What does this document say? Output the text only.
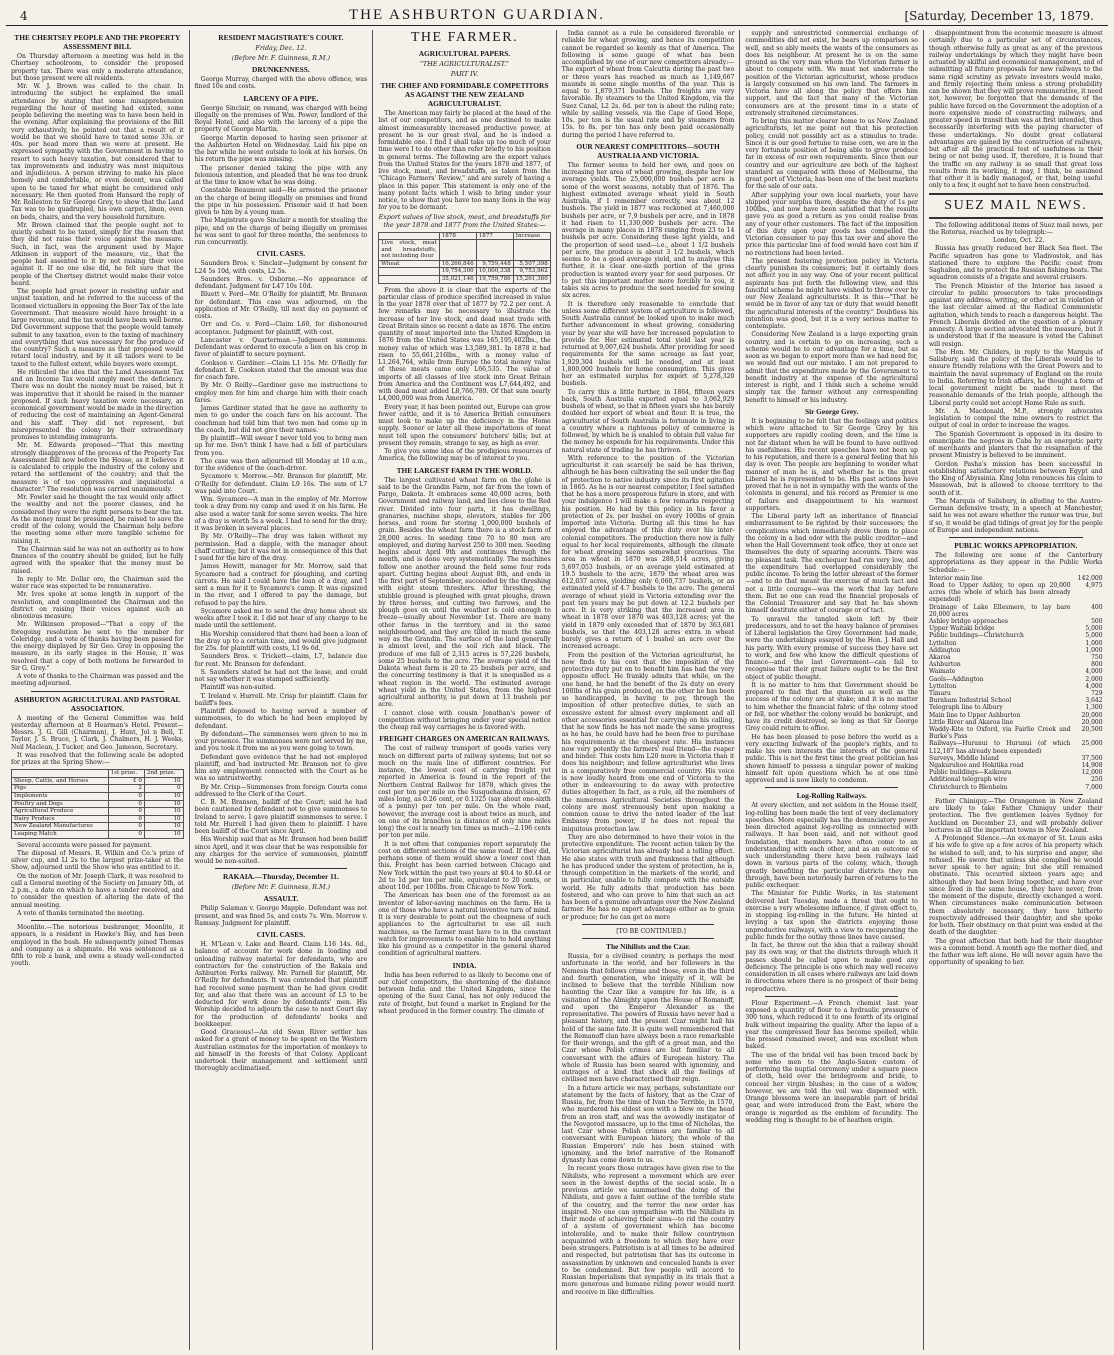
4	THE ASHBURTON GUARDIAN.	[Saturday, December 13, 1879.
THE CHERTSEY PEOPLE AND THE PROPERTY ASSESSMENT BILL

On Thursday afternoon a meeting was held in the Chertsey schoolroom, to consider the proposed property tax. There was only a moderate attendance, but those present were all residents.

Mr. W. J. Brown was called to the chair. In introducing the subject he explained the small attendance by stating that some misapprehension regarding the hour of meeting had existed, some people believing the meeting was to have been held in the evening. After explaining the provisions of the Bill very exhaustively, he pointed out that a result of it would be that we should have to taxed some 33s. or 40s. per head more than we were at present. He expressed sympathy with the Government in having to resort to such heavy taxation, but considered that to tax improvements and industry was most iniquitous and injudicious. A person striving to make his place homely and comfortable, or even decent, was called upon to be taxed for what might be considered only necessary. He then quoted from Hansard the reply of Mr. Rolleston to Sir George Grey, to show that the Land Tax was to be quadrupled, his own carpet, linen, even on beds, chairs, and the very household furniture.

Mr. Brown claimed that the people ought not to quietly submit to be taxed, simply for the reason that they did not raise their voice against the measure. Such, in fact, was the argument used by Major Atkinson in support of the measure, viz., that the people had assented to it by not raising their voice against it. If no one else did, he felt sure that the people of the Chertsey district would make their voice heard.

The people had great power in resisting unfair and unjust taxation, and he referred to the success of the licensed victuallers in opposing the Beer Tax of the late Government. That measure would have brought in a large revenue, and the tax would have been well borne. Did Government suppose that the people would tamely submit to any taxation, even to the taxing of machinery and everything that was necessary for the produce of the country? Such a measure as that proposed would retard local industry, and by it all tailors were to be taxed to the fullest extent, while buyers were exempt.

He ridiculed the idea that the Land Assessment Tax and an Income Tax would amply meet the deficiency. There was no doubt the money must be raised, but it was imperative that it should be raised in the manner proposed. If such heavy taxation were necessary, an economical government would be made in the direction of reducing the cost of maintaining an Agent-General and his staff. They did not represent, but misrepresented the colony by their extraordinary promises to intending immigrants.

Mr. M. Edwards proposed—"That this meeting strongly disapproves of the process of the Property Tax Assessment Bill now before the House, as it believes it is calculated to cripple the industry of the colony and retard the settlement of the country; and that the measure is of too oppressive and inquisitorial a character." The resolution was carried unanimously.

Mr. Fowler said he thought the tax would only affect the wealthy and not the poorer classes, and he considered they were the right persons to bear the tax. As the money must be presumed, be raised to save the credit of the colony, would the Chairman help before the meeting some other more tangible scheme for raising it.

The Chairman said he was not an authority as to how finances of the country should be guided, but he fully agreed with the speaker that the money must be raised.

In reply to Mr. Dollar ore, the Chairman said the water race was expected to be remunerative.

Mr. Ives spoke at some length in support of the resolution, and complimented the Chairman and the district on raising their voices against such an obnoxious measure.

Mr. Wilkinson proposed—"That a copy of the foregoing resolution be sent to the member for Coleridge, and a vote of thanks having been passed for the energy displayed by Sir Geo. Grey in opposing the measure, in its early stages in the House, it was resolved that a copy of both motions be forwarded to Sir G. Grey."

A vote of thanks to the Chairman was passed and the meeting adjourned.

ASHBURTON AGRICULTURAL AND PASTORAL ASSOCIATION.

A meeting of the General Committee was held yesterday afternoon at 8 Hearman's Hotel. Present—Messrs. J. G. Gill (Chairman), J. Hunt, Jol n Bell, T. Taylor, J. S. Bruce, J. Clark, J. Chalmers, H. J. Weeks, Neil Maclean, J. Tucker, and Geo. Jameson, Secretary.

It was resolved that the following scale be adopted for prizes at the Spring Show:—

	1st prize.	2nd prize.
Sheep, Cattle, and Horses	£ 0	10
Pigs	2	0
Implements	0	10
Poultry and Dogs	0	10
Agricultural Produce	0	10
Dairy Produce	0	10
New Zealand Manufactures	0	10
Leaping Match	0	10

Several accounts were passed for payment.

The disposal of Messrs. R. Wilkin and Co.'s prize of silver cup, and Ll 2s to the largest prize-taker at the Show, adjourned until the Show who was entitled to it.

On the motion of Mr. Joseph Clark, it was resolved to call a General meeting of the Society on January 5th, at 2 p.m., a date on which to have a tender received, and to consider the question of altering the date of the annual meeting.

A vote of thanks terminated the meeting.

Moonlite.—The notorious bushranger, Moonlite, it appears, is a resident in Hawke's Bay, and has been employed in the bush. He subsequently joined Thomas and company as a shipmate. He was sentenced as a fifth to rob a bank, and owns a steady well-conducted youth.

RESIDENT MAGISTRATE'S COURT.
Friday, Dec. 12.
(Before Mr. F. Guinness, R.M.)
DRUNKENNESS.

George Murray, charged with the above offence, was fined 10s and costs.

LARCENY OF A PIPE.

George Sinclair, on remand, was charged with being illegally on the premises of Wm. Power, landlord of the Royal Hotel, and also with the larceny of a pipe the property of George Martin.

George Martin deposed to having seen prisoner at the Ashburton Hotel on Wednesday. Laid his pipe on the bar while he went outside to look at his horses. On his return the pipe was missing.

The prisoner denied taking the pipe with any felonious intention, and pleaded that he was too drunk at the time to know what he was doing.

Constable Beaumont said—He arrested the prisoner on the charge of being illegally on premises and found the pipe in his possession. Prisoner said it had been given to him by a young man.

The Magistrate gave Sinclair a month for stealing the pipe, and on the charge of being illegally on premises he was sent to gaol for three months, the sentences to run concurrently.

CIVIL CASES.

Saunders Bros. v. Sinclair—Judgment by consent for L24 5s 10d, with costs, L2 5s.

Saunders Bros. v. Osborne.—No appearance of defendant. Judgment for L47 10s 10d.

Bluett v. Ford—Mr. O'Reilly for plaintiff, Mr. Branson for defendant. This case was adjourned, on the application of Mr. O'Reilly, till next day on payment of costs.

Orr and Co. v. Ford—Claim L60, for dishonoured acceptance. Judgment for plaintiff, with cost.

Lancaster v. Quarterman.—Judgment summons. Defendant was ordered to execute a lien on his crop in favor of plaintiff to secure payment.

Cookson v. Gardiner.—Claim L1 15s. Mr. O'Reilly for defendant. E. Cookson stated that the amount was due for coach fare.

By Mr. O Reilly—Gardiner gave me instructions to employ men for him and charge him with their coach fares.

James Gardiner stated that he gave no authority to men to go under the coach fare on his account. The coachman had told him that two men had come up in the coach, but did not give their names.

By plaintiff—Will swear I never told you to bring men up for me. Don't think I have had a bill of particulars from you.

The case was then adjourned till Monday at 10 a.m., for the evidence of the coach-driver.

Sycamore v. Morrow.—Mr. Branson for plaintiff, Mr. O'Reilly for defendant. Claim L9 16s. The sum of L7 was paid into Court.

Wm. Sycamore—A man in the employ of Mr. Morrow took a dray from my camp and used it on his farm. He also used a water tank for some seven weeks. The hire of a dray is worth 5s a week. I had to send for the dray; it was broken in several places.

By Mr. O'Reilly—The dray was taken without my permission. Had a dapple, with the manager about chaff cutting; but it was not in consequence of this that I sued for the hire of the dray.

James Hewitt, manager for Mr. Morrow, said that Sycamore had a contract for ploughing, and carting carrots. He said I could have the loan of a dray, and I sent a man for it to Sycamore's camp. It was capsized in the river, and I offered to pay the damage, but refused to pay the hire.

Sycamore asked me to send the dray home about six weeks after I took it. I did not hear of any charge to be made until the settlement.

His Worship considered that there had been a loan of the dray up to a certain time, and would give judgment for 25s. for plaintiff with costs, L1 9s 6d.

Saunders Bros. v. Trickett—claim, L7, balance due for rent. Mr. Branson for defendant.

S. Saunders stated he had not the lease, and could not say whether it was stamped sufficiently.

Plaintiff was non-suited.

T. Ireland v. Hurrell. Mr. Crisp for plaintiff. Claim for bailiff's fees.

Plaintiff deposed to having served a number of summonses, to do which he had been employed by defendant.

By defendant—The summonses were given to me in your presence. The summonses were not served by me, and you took it from me as you were going to town.

Defendant gave evidence that he had not employed plaintiff, and had instructed Mr. Branson not to give him any employment connected with the Court as he was so untrustworthy.

By Mr. Crisp—Summonses from foreign Courts come addressed to the Clerk of the Court.

C. B. M. Branson, bailiff of the Court; said he had been cautioned by defendant not to give summonses to Ireland to serve. I gave plaintiff summonses to serve. I told Mr. Hurrell I had given them to plaintiff. I have been bailiff of the Court since April.

His Worship said that as Mr. Branson had been bailiff since April, and it was clear that he was responsible for any charges for the service of summonses, plaintiff would be non-suited.

RAKAIA.—Thursday, December 11.
(Before Mr. F. Guinness, R.M.)
ASSAULT.

Philip Salaman v. George Mapple. Defendant was not present, and was fined 5s, and costs 7s. Wm. Morrow v. Ramsay. Judgment for plaintiff.

CIVIL CASES.

H. M'Lean v. Lake and Beard. Claim L16 14s. 6d., balance of account for work done in loading and unloading railway material for defendants, who are contractors for the construction of the Rakaia and Ashburton Forks railway. Mr. Parnell for plaintiff, Mr. O'Reilly for defendants. It was contended that plaintiff had received some payment than he had given credit for, and also that there was an account of L5 to be deducted for work done by defendants' men. His Worship decided to adjourn the case to next Court day for the production of defendants' books and bookkeeper.

Good Graceous!—An old Swan River settler has asked for a grant of money to be spent on the Western Australian estimates for the importation of monkeys to aid himself in the forests of that Colony. Applicant undertook their management and settlement until thoroughly acclimatised.

THE FARMER.
AGRICULTURAL PAPERS.
"THE AGRICULTURALIST."
PART IV.
THE CHIEF AND FORMIDABLE COMPETITORS AS AGAINST THE NEW ZEALAND AGRICULTURALIST.

The American may fairly be placed at the head of the list of our competitors, and as one destined to make almost immeasurably increased productive power, at present he is our great rival, and he is indeed a formidable one. I find I shall take up too much of your time were I to do other than refer briefly to his position in general terms. The following are the export values from the United States for the years 1878 and 1877, of live stock, meat, and breadstuffs, as taken from the "Chicago Farmers' Review," and are surely of having a place in this paper. This statement is only one of the many potent facts which I wish to bring under your notice, to show that you have too many lions in the way for you to be dormant.

Export values of live stock, meat, and breadstuffs for the year 1878 and 1877 from the United States:—
	1878	1877	Increase
Live stock, meat and breadstuffs, not including flour			
Wheat	16,266,846	9,759,448	5,507,398
	19,754,300	10,000,338	9,753,962
	35,021,146	19,759,786	15,261,360

From the above it is clear that the exports of the particular class of produce specified increased in value in the year 1878 over that of 1877 by 72.2 per cent. A few remarks may be necessary to illustrate the increase of her live stock, and dead meat trade with Great Britain since so recent a date as 1876. The entire quantity of meat imported into the United Kingdom in 1876 from the United States was 165,195,402lbs., the money value of which was L3,589,381. In 1878 it had risen to 55,661,216lbs., with a money value of L1,264,764, while from Europe the total money value of these meats came only L66,535. The value of imports of all classes of live stock into Great Britain from America and the Continent was L7,644,492, and with dead meat added L8,766,789. Of that sum nearly L4,000,000 was from America.

Every year, it has been pointed out, Europe can grow fewer cattle, and it is to America British consumers must look to make up the deficiency in the Home supply. Sooner or later all these importations of meat must tell upon the consumers' butchers' bills; but at present they remain, strange to say, as high as ever.

To give you some idea of the prodigious resources of America, the following may be of interest to you.

THE LARGEST FARM IN THE WORLD.

The largest cultivated wheat farm on the globe is said to be the Grandin Farm, not far from the town of Fargo, Dakota. It embraces some 40,000 acres, both Government and railway land, and lies close to the Red river. Divided into four parts, it has dwellings, granaries, machine shops, elevators, stables for 200 horses, and room for storing 1,000,000 bushels of grain. Besides the wheat farm there is a stock farm of 28,000 acres. In seeding time 70 to 80 men are employed, and during harvest 250 to 300 men. Seeding begins about April 9th and continues through the month, and is done very systematically. The machines follow one another around the field some four rods apart. Cutting begins about August 8th, and ends in the first part of September, succeeded by the threshing with eight steam threshers. After threshing, the stubble ground is ploughed with great ploughs, drawn by three horses, and cutting two furrows, and the plough goes on until the weather is cold enough to freeze—usually about November 1st. There are many other farms in the territory, and in the same neighbourhood, and they are tilled in much the same way as the Grandin. The surface of the land generally is almost level, and the soil rich and black. The produce of one fall of 2,315 acres is 57,226 bushels, some 25 bushels to the acre. The average yield of the Dakota wheat farm is 20 to 25 bushels per acre, and the concurring testimony is that it is unequalled as a wheat region in the world. The estimated average wheat yield in the United States, from the highest agricultural authority, is put down at 13 bushels per acre.

I cannot close with cousin Jonathan's power of competition without bringing under your special notice the cheap rail way carriages he is favored with.

FREIGHT CHARGES ON AMERICAN RAILWAYS.

The cost of railway transport of goods varies very much on different parts of railway systems; but not so much on the main line of different countries. For instance, the lowest cost of carrying freight yet reported in America is found in the report of the Northern Central Railway for 1878, which gives the cost per ton per mile on the Susquehanna division, 67 miles long, as 0.26 cent, or 0.1325 (say about one-sixth of a penny) per ton per mile. On the whole road, however, the average cost is about twice as much, and on one of its branches (a distance of only nine miles long) the cost is nearly ten times as much—2.196 cents per ton per mile.

It is not often that companies report separately the cost on different sections of the same road. If they did, perhaps some of them would show a lower cost than this. Freight has been carried between Chicago and New York within the past two years at $0.4 to $0.44 or 2d to 1d per ton per mile, equivalent to 20 cents, or about 10d. per 100lbs. from Chicago to New York.

The American has been one of the foremost as an inventor of labor-saving machines on the farm. He is one of those who have a natural inventive turn of mind. It is very desirable to point out the cheapness of such appliances to the agriculturist to use all such machines, as the farmer must have to in the constant watch for improvements to enable him to hold anything like his ground as a competitor in the general shared condition of agricultural matters.

INDIA.

India has been referred to as likely to become one of our chief competitors, the shortening of the distance between India and the United Kingdom, since the opening of the Suez Canal, has not only reduced the rate of freight, but found a market in England for the wheat produced in the former country. The climate of

India cannot as a rule be considered favorable or reliable for wheat growing, and hence its competition cannot be regarded so keenly as that of America. The following is some gauge of what has been accomplished by one of our new competitors already:—The export of wheat from Calcutta during the past two or three years has reached as much as 1,149,667 maunds in some single months of the year. This is equal to 1,879,371 bushels. The freights are very favorable. By steamers to the United Kingdom, via the Suez Canal, L2 2s. 6d. per ton is about the ruling rate; while by sailing vessels, via the Cape of Good Hope, 10s. per ton is the usual rate and by steamers from 15s. to 8s. per ton has only been paid occasionally during the period I have referred to.

OUR NEAREST COMPETITORS—SOUTH AUSTRALIA AND VICTORIA.

The former seems to hold her own, and goes on increasing her area of wheat growing, despite her low average yields. The 25,000,000 bushels per acre is some of the worst seasons, notably that of 1876. The highest estimated average wheat yield in South Australia, if I remember correctly, was about 12 bushels. The yield in 1877 was reckoned at 7,460,000 bushels per acre, or 7,9 bushels per acre, and in 1878 it had risen to 11,330,000 bushels per acre. The average in many places in 1878 ranging from 23 to 14 bushels per acre. Considering these light yields, and the proportion of seed used—i.e., about 1 1/2 bushels per acre, the produce is about 3 1/2 bushels, which seems to be a good average yield, and to analyse this further, it is clear one-sixth portion of the gross production is wanted every year for seed purposes. Or to put this important matter more forcibly to you, it takes six acres to produce the seed needed for sowing six acres.

It is therefore only reasonable to conclude that unless some different system of agriculture is followed, South Australia cannot be looked upon to make much further advancement in wheat growing, considering year by year she will have her increased population to provide for. Her estimated total yield last year is returned at 9,007,624 bushels. After providing for seed requirements for the same acreage as last year, 1,929,304 bushels will be needed, and at least 1,800,000 bushels for home consumption. This gives her an estimated surplus for export of 5,278,320 bushels.

To carry this a little further, in 1864, fifteen years back, South Australia exported equal to 3,062,929 bushels of wheat, so that in fifteen years she has barely doubled her export of wheat and flour. It is true, the agriculturist of South Australia is fortunate in living in a country where a righteous policy of commerce is followed, by which he is enabled to obtain full value for the money he expends for his requirements. Under this natural state of trading he has thriven.

With reference to the position of the Victorian agriculturist it can scarcely be said he has thriven, although he has been cultivating the soil under the flag of protection to native industry since its first agitation in 1865. As he is our nearest competitor, I feel satisfied that he has a more prosperous future in store, and with your indulgence I will make a few remarks respecting his position. He had by this policy in his favor a protection of 2s. per bushel on every 100lbs of grain imported into Victoria. During all this time he has enjoyed the advantage of this duty over his inter-colonial competitors. The production there now is fully equal to her local requirements, although the climate for wheat growing seems somewhat precarious. The area in wheat in 1870 was 288,514 acres, giving 5,697,053 bushels, or an average yield estimated at 19.5 bushels to the acre, 1879 the wheat area was 612,037 acres, yielding only 6,060,737 bushels, or an estimated yield of 4.7 bushels to the acre. The general average of wheat yield in Victoria extending over the past ten years may be put down at 12.2 bushels per acre. It is very striking that the increased area in wheat in 1878 over 1870 was 403,128 acres; yet the yield in 1879 only exceeded that of 1870 by 363,681 bushels, so that the 403,128 acres extra in wheat barely gives a return of 1 bushel an acre over the increased acreage.

From the position of the Victorian agriculturist, he now finds to his cost that the imposition of the protective duty put on to benefit him has had the very opposite effect. He frankly admits that while, on the one hand, he had the benefit of the 2s duty on every 100lbs of his grain produced, on the other he has been so handicapped, in having to pay, through the imposition of other protective duties, to such an excessive extent for almost every implement and all other accessories essential for carrying on his calling, that he now finds he has not made the same progress as he has, he could have had he been free to purchase his requirements at the cheapest rate. His instances now very potently the farmers' real friend—the reaper and binder. This costs him L20 more in Victoria than it does his neighbour; and fellow agriculturist who lives in a comparatively free commercial country. His voice is now loudly heard from one end of Victoria to the other in endeavouring to do away with protective duties altogether. In fact, as a rule, all the members of the numerous Agricultural Societies throughout the colony are most strenuously bent upon making a common cause to drive the noted leader of the last Embassy from power, if he does not repeal the iniquitous protection law.

They are also determined to have their voice in the protective expenditure. The recent action taken by the Victorian agriculturist has already had a telling effect. He also states with truth and frankness that although he has produced under the system of protection, he is, through competition in the markets of the world, and in particular, unable to fully compete with the outside world. He fully admits that production has been fostered, and who can prove to him that such an act has been of a genuine advantage over the New Zealand farmer. He has no export advantage either as to grain or produce; for he can get no more

[TO BE CONTINUED.]

The Nihilists and the Czar.

Russia, for a civilised country, is perhaps the most unfortunate in the world, and her followers in the Nemesis that follows crime and those, even in the third and fourth generation, who iniquity of it, will be inclined to believe that the terrible Nihilism now haunting the Czar like a vampire for his life, is a visitation of the Almighty upon the House of Romanoff, and upon the Emperor Alexander as the representative. The powers of Russia have never had a pleasant history, and the present Czar might hail his hold of the same fate. It is quite well remembered that the Romanoff clan have always been a race remarkable for their wrongs, and the gift of a great man, and the Czar whose Polish crimes are but familiar to all conversant with the affairs of European history. The whole of Russia has been seared with ignominy, and outrages of a kind that shock all the feelings of civilised men have characterised their reign.

In a future article we may, perhaps, substantiate our statement by the facts of history, that as the Czar of Russia, for, from the time of Ivan the Terrible, in 1570, who murdered his eldest son with a blow on the head from an iron staff, and was the avowedly instigator of the Novgorod massacre, up to the time of Nicholas, the last Czar whose Polish crimes are familiar to all conversant with European history, the whole of the Russian Emperors' rule has been stained with ignominy, and the brief narrative of the Romanoff dynasty has come down to us.

In recent years those outrages have given rise to the Nihilists, who represent a movement which are ever seen in the lowest depths of the social scale. In a previous article we summarised the doing of the Nihilists, and gave a faint outline of the terrible state of the country, and the terror the new order has inspired. No one can sympathise with the Nihilists in their mode of achieving their aims—to rid the country of a system of government which has become intolerable, and to make their fellow countrymen acquainted with a freedom to which they have ever been strangers. Patriotism is at all times to be admired and respected, but patriotism that has its outcome in assassination by unknown and concealed hands is ever to be condemned. But few people will accord to Russian Imperialism that sympathy in its trials that a more generous and humane ruling power would merit and receive in like difficulties.

supply and unrestricted commercial exchange of commodities did not exist, he bears up comparison so well, and so ably meets the wants of the consumers as does his neighbour. At present he is on the same ground as the very man whom the Victorian farmer is about to compete with. We must not underrate the position of the Victorian agriculturist, whose produce is largely consumed on his own land. The farmers in Victoria have all along the policy that offers him support, and the fact that many of the Victorian consumers are at the present time in a state of extremely straitened circumstances.

To bring this matter clearer home to us New Zealand agriculturists, let me point out that his protection policy, could not possibly act as a stimulus to trade. Since it is our good fortune to raise corn, we are in the very fortunate position of being able to grow produce far in excess of our own requirements. Since then our country and our agriculture are both of the highest standard as compared with those of Melbourne, the great port of Victoria, has been one of the best markets for the sale of our oats.

After supplying your own local markets, your have shipped your surplus there, despite the duty of 1s per 100lbs., and now have been satisfied that the results gave you as good a return as you could realise from any of your other customers. The fact of the imposition of this duty upon your goods has compelled the Victorian consumer to pay this tax over and above the price this particular line of food would have cost him if no restrictions had been levied.

The present fostering protection policy in Victoria clearly punishes its consumers; but it certainly does not affect you in any way. One of your recent political aspirants has put forth the following view, and this fanciful scheme he might have wished to throw over by our New Zealand agriculturists. It is this—"That he would be in favor of any tax or duty that would benefit the agricultural interests of the country." Doubtless his intention was good, but it is a very serious matter to contemplate.

Considering New Zealand is a large exporting grain country, and is certain to go on increasing, such a scheme would be to our advantage for a time, but as soon as we began to export more than we had need for, we would find out our mistake. I am not prepared to admit that the expenditure made by the Government to benefit industry at the expense of the agricultural interest is right, and I think such a scheme would simply tax the farmer without any corresponding benefit to himself or his industry.

Sir George Grey.

It is beginning to be felt that the feelings and politics which were attached to Sir George Grey by his supporters are rapidly cooling down, and the time is not far distant when he will be found to have outlived his usefulness. His recent speeches have not been up to his reputation, and there is a general feeling that his day is over. The people are beginning to wonder what manner of man he is, and whether he is the great Liberal he is represented to be. His past actions have proved that he is not in sympathy with the wants of the colonists in general, and his record as Premier is one of failure and disappointment to his warmest supporters.

The Liberal party left an inheritance of financial embarrassment to be righted by their successors; the complications which immediately drove them to place the colony in a bad odor with the public creditor—and when the Hall Government took office, they at once set themselves the duty of squaring accounts. There was no pleasant task. The exchequer had run very low, and the expenditure had overlapped considerably the public income. To bring the latter abreast of the former—and to do that meant the exercise of much tact and not a little courage—was the work that lay before them. But no one can read the financial proposals of the Colonial Treasurer and say that he has shown himself destitute either of courage or of tact.

To unravel the tangled skein left by their predecessors, and to set the heavy balance of promises of Liberal legislation the Grey Government had made, were the undertakings essayed by the Hon. J. Hall and his party. With every promise of success they have set to work, and few who know the difficult questions of finance—and the last Government—can fail to recognise that their great failure ought to be the first object of public thought.

It is no matter to him that Government should be prepared to find that the question as well as the success of the colony are at stake; and it is no matter to him whether the financial fabric of the colony stood or fell, nor whether the colony would be bankrupt, and have its credit destroyed, so long as that Sir George Grey could return to office.

He has been pleased to pose before the world as a very exacting bulwark of the people's rights, and to make his own interests the interests of the general public. This is not the first time the great politician has shown himself to possess a singular power of making himself felt upon questions which he at one time approved and is now likely to condemn.

Log-Rolling Railways.

At every election, and not seldom in the House itself, log-rolling has been made the text of very declamatory speeches. More especially has the denunciatory power been directed against log-rolling as connected with railways. It has been said, and not without good foundation, that members have often come to an understanding with each other, and as an outcome of such understanding there have been railways laid down in various parts of the colony, which, though greatly benefiting the particular districts they run through, have been notoriously barren of returns to the public exchequer.

The Minister for Public Works, in his statement delivered last Tuesday, made a threat that ought to exercise a very wholesome influence, if given effect to, in stopping log-rolling in the future. He hinted at levying a tax upon the districts enjoying those unproductive railways, with a view to recuperating the public funds for the outlay those lines have caused.

In fact, he threw out the idea that a railway should pay its own way, or that the districts through which it passes should be called upon to make good any deficiency. The principle is one which may well receive consideration in all cases where railways are laid down in directions where there is no prospect of their being reproductive.

Flour Experiment.—A French chemist last year exposed a quantity of flour to a hydraulic pressure of 300 tons, which reduced it to one fourth of its original bulk without impairing the quality. After the lapse of a year the compressed flour has become spoiled, while the pressed remained sweet, and was excellent when baked.

The use of the bridal veil has been traced back by some who men to the Anglo-Saxon custom of performing the nuptial ceremony under a square piece of cloth, held over the bridegroom and bride, to conceal her virgin blushes; in the case of a widow, however, we are told the veil was dispensed with. Orange blossoms were an inseparable part of bridal gear, and were introduced from the East, where the orange is regarded as the emblem of fecundity. The wedding ring is thought to be of heathen origin.

disappointment from the economic measure is almost certainly due to a particular set of circumstances, though otherwise fully as great as any of the previous railway undertakings by which they might have been actuated by skilful and economical management, and of submitting all future proposals for new railways to the same rigid scrutiny as private investors would make, and firmly rejecting them unless a strong probability can be shown that they will prove remunerative, it need not, however, be forgotten that the demands of the public have forced on the Government the adoption of a more expensive mode of constructing railways, and greater speed in transit than was at first intended, thus necessarily interfering with the paying character of these undertakings. No doubt great collateral advantages are gained by the construction of railways, but after all the practical test of usefulness is their being or not being used. If, therefore, it is found that the traffic on any railway is so small that great loss results from its working, it may, I think, be assumed that either it is badly managed, or that, being useful only to a few, it ought not to have been constructed.

SUEZ MAIL NEWS.

The following additional items of Suez mail news, per the Rotorua, reached us by telegraph:—

London, Oct. 22.

Russia has greatly reduced her Black Sea fleet. The Pacific squadron has gone to Vladivostok, and has stationed there to explore the Pacific coast from Saghalien, and to protect the Russian fishing boats. The squadron consists of a frigate and several cruisers.

The French Minister of the Interior has issued a circular to public prosecutors to take proceedings against any address, writing, or other act in violation of the last circular aimed at the Radical Communistic agitation, which tends to reach a dangerous height. The French Liberals divided on the question of a plenary amnesty. A large section advocated the measure, but it is understood that if the measure is voted the Cabinet will resign.

The Hon. Mr. Childers, in reply to the Marquis of Salisbury, said the policy of the Liberals would be to ensure friendly relations with the Great Powers and to maintain the naval supremacy of England on the route to India. Referring to Irish affairs, he thought a form of local government might be made to meet the reasonable demands of the Irish people, although the Liberal party could not accept Home Rule as such.

Mr. A. Macdonald, M.P., strongly advocates legislation to compel the mine owners to restrict the output of coal in order to increase the wages.

The Spanish Government is opposed in its desire to emancipate the negroes in Cuba by an energetic party of merchants and planters that the resignation of the present Ministry is believed to be imminent.

Gordon Pasha's mission has been successful in establishing satisfactory relations between Egypt and the King of Abyssinia. King John renounces his claim to Massowah, but is allowed to choose territory to the south of it.

The Marquis of Salisbury, in alluding to the Austro-German defensive treaty, in a speech at Manchester, said he was not aware whether the rumor was true, but if so, it would be glad tidings of great joy for the people of Europe and independent nations.

PUBLIC WORKS APPROPRIATION.

The following are some of the Canterbury appropriations as they appear in the Public Works Schedule:—

Interior main line	142,000
Road to Upper Ashley, to open up 20,000 acres (the whole of which has been already expended)
4,975
Drainage of Lake Ellesmere, to lay bare 20,000 acres
400
Ashley bridge approaches	500
Upper Waitaki bridge	5,000
Public buildings—Christchurch	5,000
Lyttelton	1,000
Addington	1,000
Akaroa	750
Ashburton	800
Waimate	4,000
Gaols—Addington	2,000
Lyttelton	4,000
Timaru	729
Burnham Industrial School	3,642
Telegraph line to Albury	1,300
Main line to Upper Ashburton	20,000
Little River and Akaroa line	20,000
Waddy-Kite to Oxford, via Fairlie Creek and Burke's Pass
20,500
Railways—Hurunui to Hurunui (of which L12,187 has already been expended)
25,000
Surveys, Middle Island	37,500
Ngakuruhoe and Hokitika road	14,908
Public buildings—Kaikoura	12,000
Additional telegraph wire	250
Christchurch to Blenheim	7,000

Father Chiniquy.—The Orangemen in New Zealand are likely to take Father Chiniquy under their protection. The five gentlemen leaves Sydney for Auckland on December 23, and will probably deliver lectures in all the important towns in New Zealand.

A Prolonged Silence.—An ex-mayor of St. Louis asks if his wife to give up a few acres of his property which he wished to sell, and, to his surprise and anger, she refused. He swore that unless she complied he would never speak to her again; but she still remained obstinate. This occurred sixteen years ago; and although they had been living together, and have ever since lived in the same house, they have never, from the moment of the dispute, directly exchanged a word. When circumstances make communication between them absolutely necessary, they have hitherto respectively addressed their daughter, and she spoke for both. Their obstinacy on that point was ended at the death of the daughter.

The great affection that both had for their daughter was a common bond. A month ago the mother died, and the father was left alone. He will never again have the opportunity of speaking to her.
